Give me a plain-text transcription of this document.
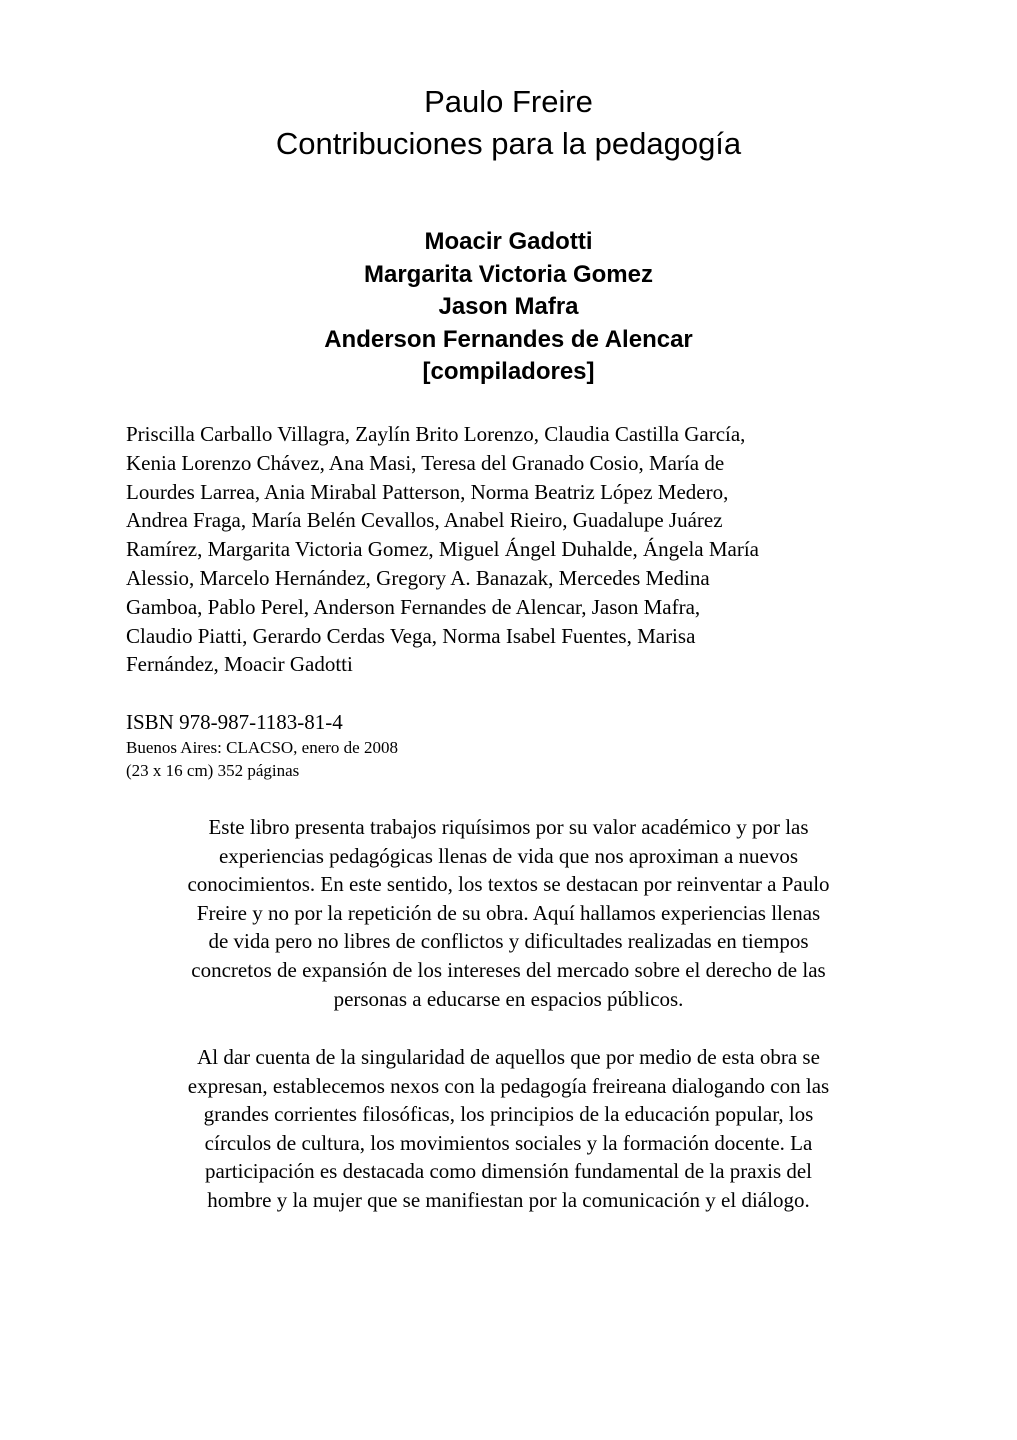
Paulo Freire
Contribuciones para la pedagogía
Moacir Gadotti
Margarita Victoria Gomez
Jason Mafra
Anderson Fernandes de Alencar
[compiladores]
Priscilla Carballo Villagra, Zaylín Brito Lorenzo, Claudia Castilla García,
Kenia Lorenzo Chávez, Ana Masi, Teresa del Granado Cosio, María de
Lourdes Larrea, Ania Mirabal Patterson, Norma Beatriz López Medero,
Andrea Fraga, María Belén Cevallos, Anabel Rieiro, Guadalupe Juárez
Ramírez, Margarita Victoria Gomez, Miguel Ángel Duhalde, Ángela María
Alessio, Marcelo Hernández, Gregory A. Banazak, Mercedes Medina
Gamboa, Pablo Perel, Anderson Fernandes de Alencar, Jason Mafra,
Claudio Piatti, Gerardo Cerdas Vega, Norma Isabel Fuentes, Marisa
Fernández, Moacir Gadotti
ISBN 978-987-1183-81-4
Buenos Aires: CLACSO, enero de 2008
(23 x 16 cm) 352 páginas
Este libro presenta trabajos riquísimos por su valor académico y por las
experiencias pedagógicas llenas de vida que nos aproximan a nuevos
conocimientos. En este sentido, los textos se destacan por reinventar a Paulo
Freire y no por la repetición de su obra. Aquí hallamos experiencias llenas
de vida pero no libres de conflictos y dificultades realizadas en tiempos
concretos de expansión de los intereses del mercado sobre el derecho de las
personas a educarse en espacios públicos.
Al dar cuenta de la singularidad de aquellos que por medio de esta obra se
expresan, establecemos nexos con la pedagogía freireana dialogando con las
grandes corrientes filosóficas, los principios de la educación popular, los
círculos de cultura, los movimientos sociales y la formación docente. La
participación es destacada como dimensión fundamental de la praxis del
hombre y la mujer que se manifiestan por la comunicación y el diálogo.
